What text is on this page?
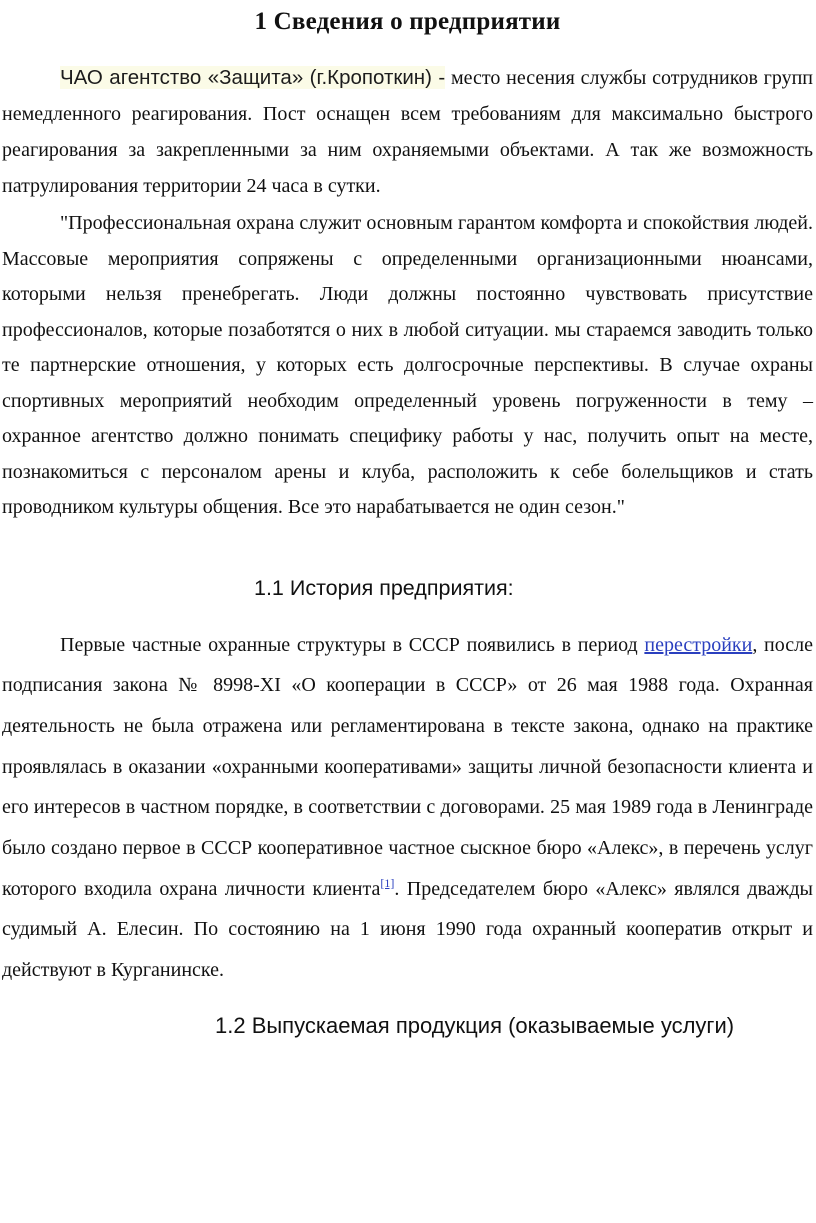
1 Сведения о предприятии

ЧАО агентство «Защита» (г.Кропоткин) - место несения службы сотрудников групп немедленного реагирования. Пост оснащен всем требованиям для максимально быстрого реагирования за закрепленными за ним охраняемыми объектами. А так же возможность патрулирования территории 24 часа в сутки.

"Профессиональная охрана служит основным гарантом комфорта и спокойствия людей. Массовые мероприятия сопряжены с определенными организационными нюансами, которыми нельзя пренебрегать. Люди должны постоянно чувствовать присутствие профессионалов, которые позаботятся о них в любой ситуации. мы стараемся заводить только те партнерские отношения, у которых есть долгосрочные перспективы. В случае охраны спортивных мероприятий необходим определенный уровень погруженности в тему – охранное агентство должно понимать специфику работы у нас, получить опыт на месте, познакомиться с персоналом арены и клуба, расположить к себе болельщиков и стать проводником культуры общения. Все это нарабатывается не один сезон."

1.1 История предприятия:

Первые частные охранные структуры в СССР появились в период перестройки, после подписания закона № 8998-XI «О кооперации в СССР» от 26 мая 1988 года. Охранная деятельность не была отражена или регламентирована в тексте закона, однако на практике проявлялась в оказании «охранными кооперативами» защиты личной безопасности клиента и его интересов в частном порядке, в соответствии с договорами. 25 мая 1989 года в Ленинграде было создано первое в СССР кооперативное частное сыскное бюро «Алекс», в перечень услуг которого входила охрана личности клиента[1]. Председателем бюро «Алекс» являлся дважды судимый А. Елесин. По состоянию на 1 июня 1990 года охранный кооператив открыт и действуют в Курганинске.

1.2 Выпускаемая продукция (оказываемые услуги)
